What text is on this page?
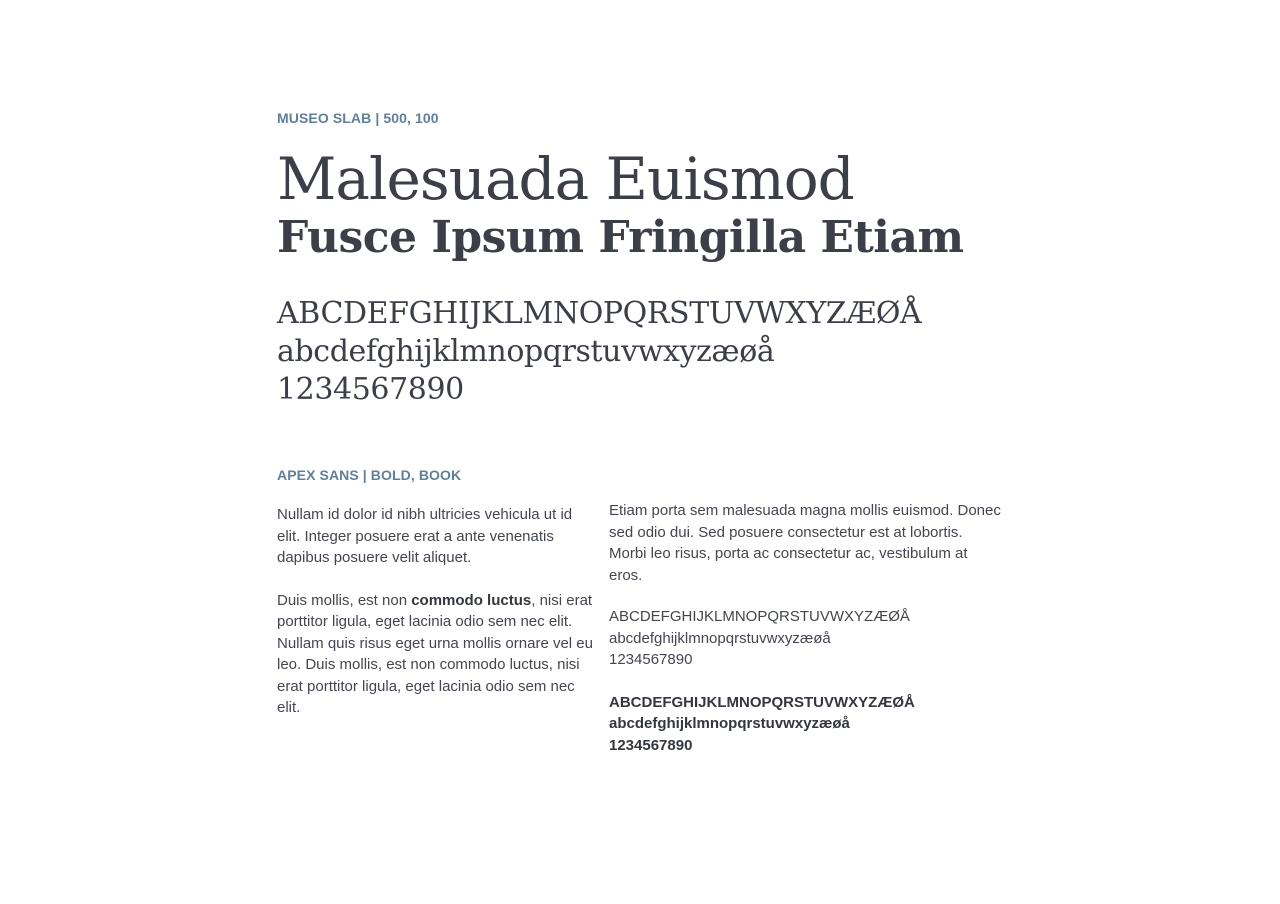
MUSEO SLAB | 500, 100
Malesuada Euismod
Fusce Ipsum Fringilla Etiam
ABCDEFGHIJKLMNOPQRSTUVWXYZÆØÅ
abcdefghijklmnopqrstuvwxyzæøå
1234567890
APEX SANS | BOLD, BOOK

Nullam id dolor id nibh ultricies vehicula ut id elit. Integer posuere erat a ante venenatis dapibus posuere velit aliquet.

Duis mollis, est non commodo luctus, nisi erat porttitor ligula, eget lacinia odio sem nec elit. Nullam quis risus eget urna mollis ornare vel eu leo. Duis mollis, est non commodo luctus, nisi erat porttitor ligula, eget lacinia odio sem nec elit.

Etiam porta sem malesuada magna mollis euismod. Donec sed odio dui. Sed posuere consectetur est at lobortis. Morbi leo risus, porta ac consectetur ac, vestibulum at eros.

ABCDEFGHIJKLMNOPQRSTUVWXYZÆØÅ
abcdefghijklmnopqrstuvwxyzæøå
1234567890
ABCDEFGHIJKLMNOPQRSTUVWXYZÆØÅ
abcdefghijklmnopqrstuvwxyzæøå
1234567890
